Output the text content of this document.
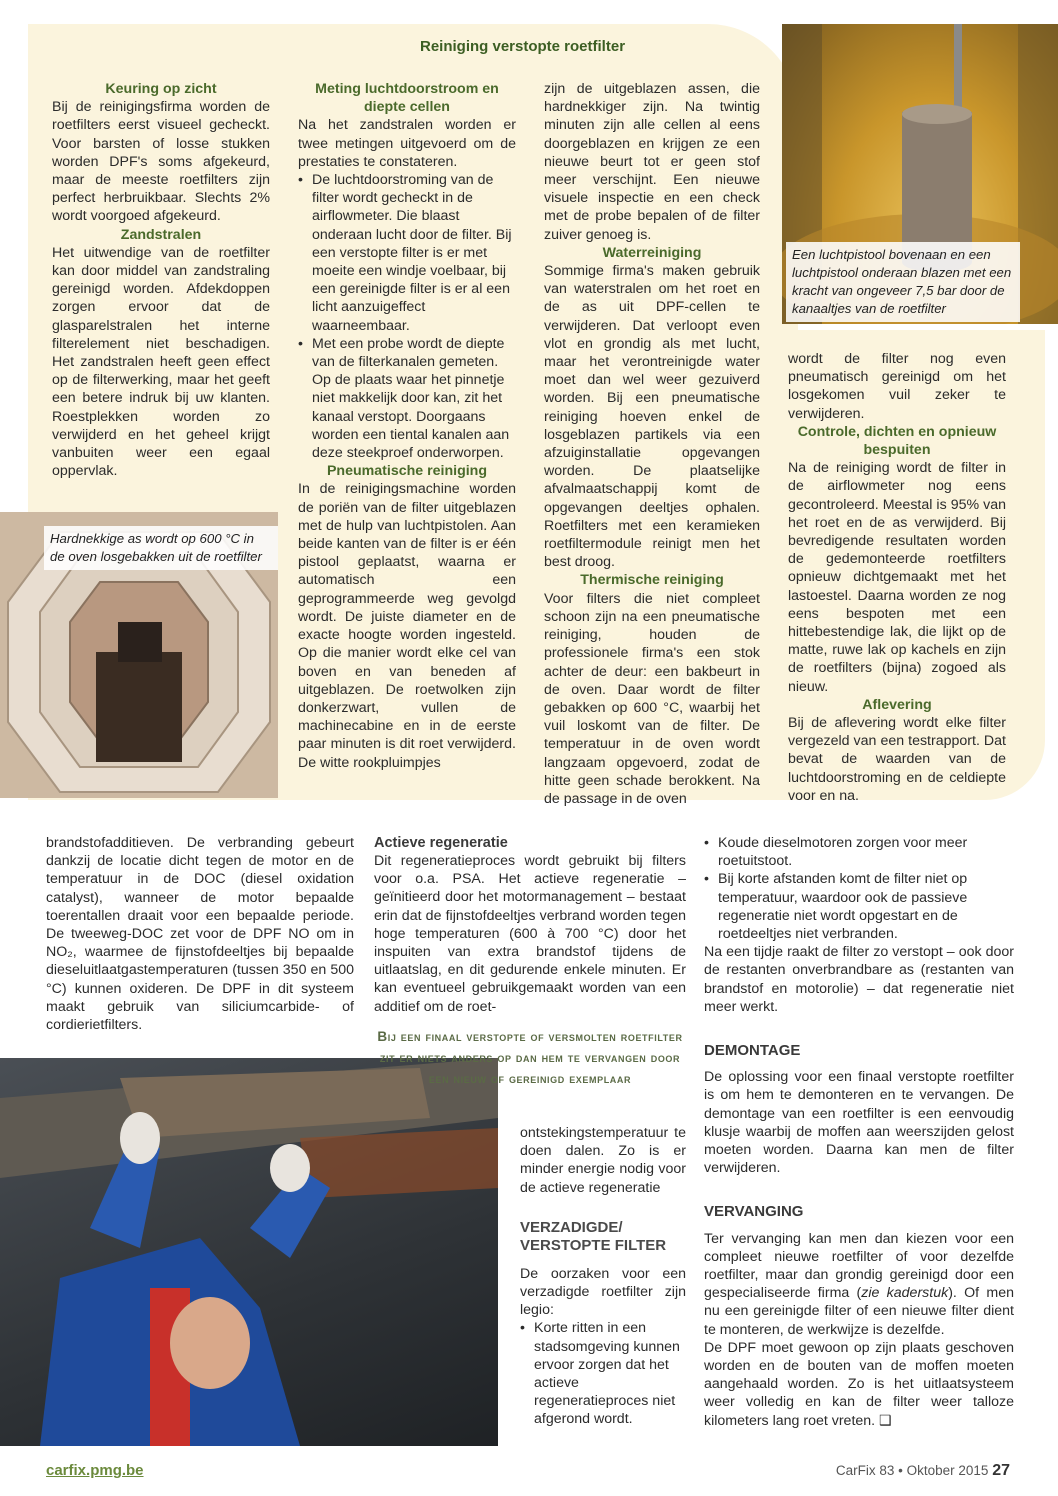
Reiniging verstopte roetfilter
Een luchtpistool bovenaan en een luchtpistool onderaan blazen met een kracht van ongeveer 7,5 bar door de kanaaltjes van de roetfilter
Hardnekkige as wordt op 600 °C in de oven losgebakken uit de roetfilter
Keuring op zicht

Bij de reinigingsfirma worden de roetfilters eerst visueel gecheckt. Voor barsten of losse stukken worden DPF's soms afgekeurd, maar de meeste roetfilters zijn perfect herbruikbaar. Slechts 2% wordt voorgoed afgekeurd.

Zandstralen

Het uitwendige van de roetfilter kan door middel van zandstraling gereinigd worden. Afdekdoppen zorgen ervoor dat de glasparelstralen het interne filterelement niet beschadigen. Het zandstralen heeft geen effect op de filterwerking, maar het geeft een betere indruk bij uw klanten. Roestplekken worden zo verwijderd en het geheel krijgt vanbuiten weer een egaal oppervlak.

Meting luchtdoorstroom en diepte cellen

Na het zandstralen worden er twee metingen uitgevoerd om de prestaties te constateren.

• De luchtdoorstroming van de filter wordt gecheckt in de airflowmeter. Die blaast onderaan lucht door de filter. Bij een verstopte filter is er met moeite een windje voelbaar, bij een gereinigde filter is er al een licht aanzuigeffect waarneembaar.
• Met een probe wordt de diepte van de filterkanalen gemeten. Op de plaats waar het pinnetje niet makkelijk door kan, zit het kanaal verstopt. Doorgaans worden een tiental kanalen aan deze steekproef onderworpen.
Pneumatische reiniging

In de reinigingsmachine worden de poriën van de filter uitgeblazen met de hulp van luchtpistolen. Aan beide kanten van de filter is er één pistool geplaatst, waarna er automatisch een geprogrammeerde weg gevolgd wordt. De juiste diameter en de exacte hoogte worden ingesteld. Op die manier wordt elke cel van boven en van beneden af uitgeblazen. De roetwolken zijn donkerzwart, vullen de machinecabine en in de eerste paar minuten is dit roet verwijderd. De witte rookpluimpjes

zijn de uitgeblazen assen, die hardnekkiger zijn. Na twintig minuten zijn alle cellen al eens doorgeblazen en krijgen ze een nieuwe beurt tot er geen stof meer verschijnt. Een nieuwe visuele inspectie en een check met de probe bepalen of de filter zuiver genoeg is.

Waterreiniging

Sommige firma's maken gebruik van waterstralen om het roet en de as uit DPF-cellen te verwijderen. Dat verloopt even vlot en grondig als met lucht, maar het verontreinigde water moet dan wel weer gezuiverd worden. Bij een pneumatische reiniging hoeven enkel de losgeblazen partikels via een afzuiginstallatie opgevangen worden. De plaatselijke afvalmaatschappij komt de opgevangen deeltjes ophalen. Roetfilters met een keramieken roetfiltermodule reinigt men het best droog.

Thermische reiniging

Voor filters die niet compleet schoon zijn na een pneumatische reiniging, houden de professionele firma's een stok achter de deur: een bakbeurt in de oven. Daar wordt de filter gebakken op 600 °C, waarbij het vuil loskomt van de filter. De temperatuur in de oven wordt langzaam opgevoerd, zodat de hitte geen schade berokkent. Na de passage in de oven

wordt de filter nog even pneumatisch gereinigd om het losgekomen vuil zeker te verwijderen.

Controle, dichten en opnieuw bespuiten

Na de reiniging wordt de filter in de airflowmeter nog eens gecontroleerd. Meestal is 95% van het roet en de as verwijderd. Bij bevredigende resultaten worden de gedemonteerde roetfilters opnieuw dichtgemaakt met het lastoestel. Daarna worden ze nog eens bespoten met een hittebestendige lak, die lijkt op de matte, ruwe lak op kachels en zijn de roetfilters (bijna) zogoed als nieuw.

Aflevering

Bij de aflevering wordt elke filter vergezeld van een testrapport. Dat bevat de waarden van de luchtdoorstroming en de celdiepte voor en na.

brandstofadditieven. De verbranding gebeurt dankzij de locatie dicht tegen de motor en de temperatuur in de DOC (diesel oxidation catalyst), wanneer de motor bepaalde toerentallen draait voor een bepaalde periode. De tweeweg-DOC zet voor de DPF NO om in NO₂, waarmee de fijnstofdeeltjes bij bepaalde dieseluitlaatgastemperaturen (tussen 350 en 500 °C) kunnen oxideren. De DPF in dit systeem maakt gebruik van siliciumcarbide- of cordierietfilters.

Bij een finaal verstopte of versmolten roetfilter zit er niets anders op dan hem te vervangen door een nieuw of gereinigd exemplaar
Actieve regeneratie

Dit regeneratieproces wordt gebruikt bij filters voor o.a. PSA. Het actieve regeneratie – geïnitieerd door het motormanagement – bestaat erin dat de fijnstofdeeltjes verbrand worden tegen hoge temperaturen (600 à 700 °C) door het inspuiten van extra brandstof tijdens de uitlaatslag, en dit gedurende enkele minuten. Er kan eventueel gebruikgemaakt worden van een additief om de roet-

ontstekingstemperatuur te doen dalen. Zo is er minder energie nodig voor de actieve regeneratie

VERZADIGDE/ VERSTOPTE FILTER

De oorzaken voor een verzadigde roetfilter zijn legio:

• Korte ritten in een stadsomgeving kunnen ervoor zorgen dat het actieve regeneratieproces niet afgerond wordt.
• Koude dieselmotoren zorgen voor meer roetuitstoot.
• Bij korte afstanden komt de filter niet op temperatuur, waardoor ook de passieve regeneratie niet wordt opgestart en de roetdeeltjes niet verbranden.

Na een tijdje raakt de filter zo verstopt – ook door de restanten onverbrandbare as (restanten van brandstof en motorolie) – dat regeneratie niet meer werkt.

DEMONTAGE

De oplossing voor een finaal verstopte roetfilter is om hem te demonteren en te vervangen. De demontage van een roetfilter is een eenvoudig klusje waarbij de moffen aan weerszijden gelost moeten worden. Daarna kan men de filter verwijderen.

VERVANGING

Ter vervanging kan men dan kiezen voor een compleet nieuwe roetfilter of voor dezelfde roetfilter, maar dan grondig gereinigd door een gespecialiseerde firma (zie kaderstuk). Of men nu een gereinigde filter of een nieuwe filter dient te monteren, de werkwijze is dezelfde.

De DPF moet gewoon op zijn plaats geschoven worden en de bouten van de moffen moeten aangehaald worden. Zo is het uitlaatsysteem weer volledig en kan de filter weer talloze kilometers lang roet vreten. ❑

carfix.pmg.be	CarFix 83 • Oktober 2015 27
